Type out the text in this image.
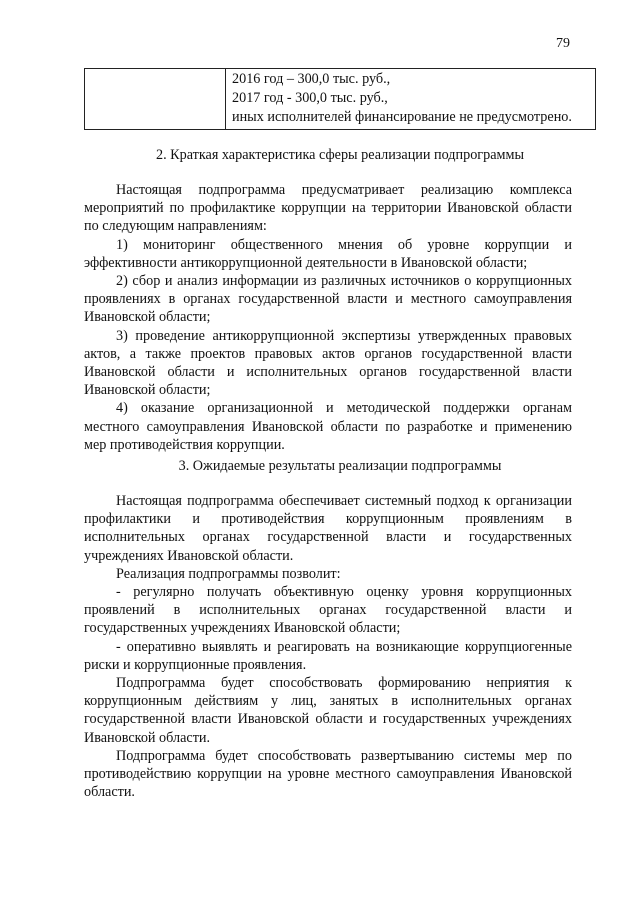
79
2016 год – 300,0 тыс. руб.,
2017 год - 300,0 тыс. руб.,
иных исполнителей финансирование не предусмотрено.
2. Краткая характеристика сферы реализации подпрограммы

Настоящая подпрограмма предусматривает реализацию комплекса мероприятий по профилактике коррупции на территории Ивановской области по следующим направлениям:

1) мониторинг общественного мнения об уровне коррупции и эффективности антикоррупционной деятельности в Ивановской области;

2) сбор и анализ информации из различных источников о коррупционных проявлениях в органах государственной власти и местного самоуправления Ивановской области;

3) проведение антикоррупционной экспертизы утвержденных правовых актов, а также проектов правовых актов органов государственной власти Ивановской области и исполнительных органов государственной власти Ивановской области;

4) оказание организационной и методической поддержки органам местного самоуправления Ивановской области по разработке и применению мер противодействия коррупции.

3. Ожидаемые результаты реализации подпрограммы

Настоящая подпрограмма обеспечивает системный подход к организации профилактики и противодействия коррупционным проявлениям в исполнительных органах государственной власти и государственных учреждениях Ивановской области.

Реализация подпрограммы позволит:

- регулярно получать объективную оценку уровня коррупционных проявлений в исполнительных органах государственной власти и государственных учреждениях Ивановской области;

- оперативно выявлять и реагировать на возникающие коррупциогенные риски и коррупционные проявления.

Подпрограмма будет способствовать формированию неприятия к коррупционным действиям у лиц, занятых в исполнительных органах государственной власти Ивановской области и государственных учреждениях Ивановской области.

Подпрограмма будет способствовать развертыванию системы мер по противодействию коррупции на уровне местного самоуправления Ивановской области.
